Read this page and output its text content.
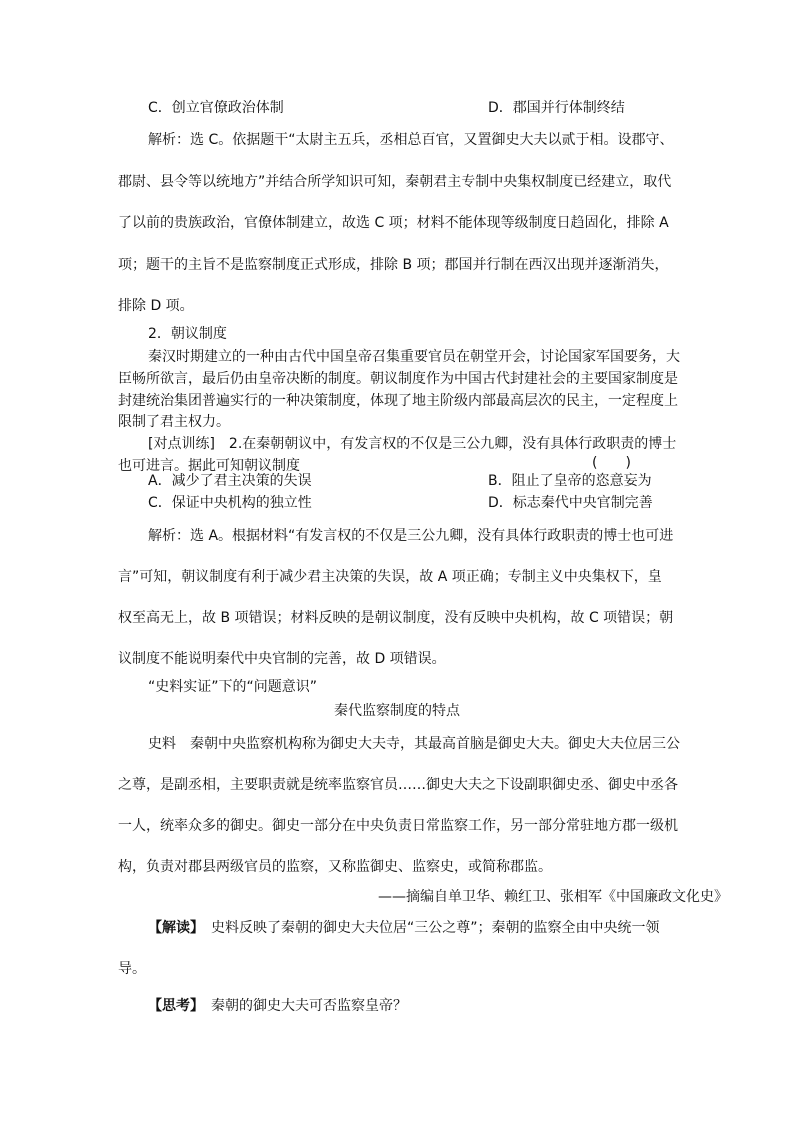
C．创立官僚政治体制	D．郡国并行体制终结
解析：选 C。依据题干“太尉主五兵，丞相总百官，又置御史大夫以贰于相。设郡守、
郡尉、县令等以统地方”并结合所学知识可知，秦朝君主专制中央集权制度已经建立，取代
了以前的贵族政治，官僚体制建立，故选 C 项；材料不能体现等级制度日趋固化，排除 A
项；题干的主旨不是监察制度正式形成，排除 B 项；郡国并行制在西汉出现并逐渐消失，
排除 D 项。
2．朝议制度
秦汉时期建立的一种由古代中国皇帝召集重要官员在朝堂开会，讨论国家军国要务，大
臣畅所欲言，最后仍由皇帝决断的制度。朝议制度作为中国古代封建社会的主要国家制度是
封建统治集团普遍实行的一种决策制度，体现了地主阶级内部最高层次的民主，一定程度上
限制了君主权力。
[对点训练]　2.在秦朝朝议中，有发言权的不仅是三公九卿，没有具体行政职责的博士
也可进言。据此可知朝议制度	(　　)
A．减少了君主决策的失误	B．阻止了皇帝的恣意妄为
C．保证中央机构的独立性	D．标志秦代中央官制完善
解析：选 A。根据材料“有发言权的不仅是三公九卿，没有具体行政职责的博士也可进
言”可知，朝议制度有利于减少君主决策的失误，故 A 项正确；专制主义中央集权下，皇
权至高无上，故 B 项错误；材料反映的是朝议制度，没有反映中央机构，故 C 项错误；朝
议制度不能说明秦代中央官制的完善，故 D 项错误。
“史料实证”下的“问题意识”
秦代监察制度的特点
史料　秦朝中央监察机构称为御史大夫寺，其最高首脑是御史大夫。御史大夫位居三公
之尊，是副丞相，主要职责就是统率监察官员……御史大夫之下设副职御史丞、御史中丞各
一人，统率众多的御史。御史一部分在中央负责日常监察工作，另一部分常驻地方郡一级机
构，负责对郡县两级官员的监察，又称监御史、监察史，或简称郡监。
——摘编自单卫华、赖红卫、张相军《中国廉政文化史》
【解读】　 史料反映了秦朝的御史大夫位居“三公之尊”；秦朝的监察全由中央统一领
导。
【思考】　 秦朝的御史大夫可否监察皇帝？
